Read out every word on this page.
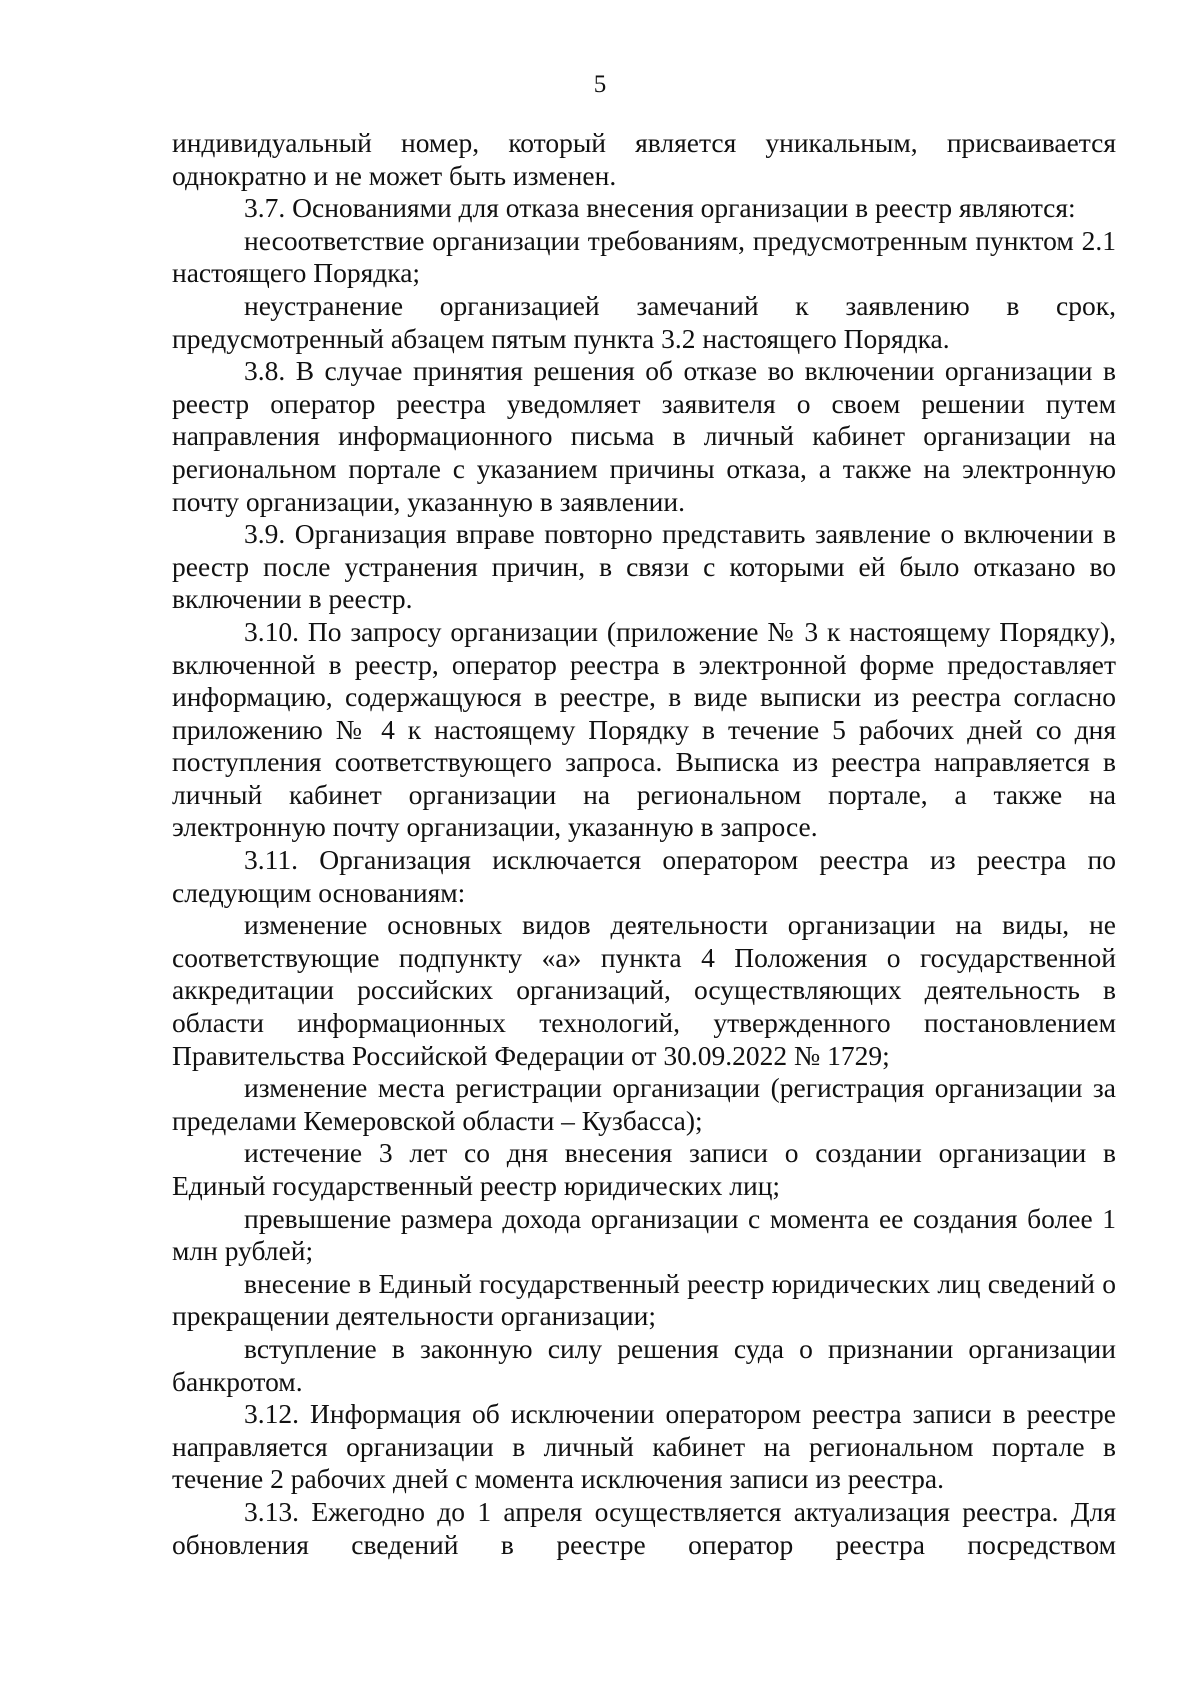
5

индивидуальный номер, который является уникальным, присваивается однократно и не может быть изменен.

3.7. Основаниями для отказа внесения организации в реестр являются:

несоответствие организации требованиям, предусмотренным пунктом 2.1 настоящего Порядка;

неустранение организацией замечаний к заявлению в срок, предусмотренный абзацем пятым пункта 3.2 настоящего Порядка.

3.8. В случае принятия решения об отказе во включении организации в реестр оператор реестра уведомляет заявителя о своем решении путем направления информационного письма в личный кабинет организации на региональном портале с указанием причины отказа, а также на электронную почту организации, указанную в заявлении.

3.9. Организация вправе повторно представить заявление о включении в реестр после устранения причин, в связи с которыми ей было отказано во включении в реестр.

3.10. По запросу организации (приложение № 3 к настоящему Порядку), включенной в реестр, оператор реестра в электронной форме предоставляет информацию, содержащуюся в реестре, в виде выписки из реестра согласно приложению № 4 к настоящему Порядку в течение 5 рабочих дней со дня поступления соответствующего запроса. Выписка из реестра направляется в личный кабинет организации на региональном портале, а также на электронную почту организации, указанную в запросе.

3.11. Организация исключается оператором реестра из реестра по следующим основаниям:

изменение основных видов деятельности организации на виды, не соответствующие подпункту «а» пункта 4 Положения о государственной аккредитации российских организаций, осуществляющих деятельность в области информационных технологий, утвержденного постановлением Правительства Российской Федерации от 30.09.2022 № 1729;

изменение места регистрации организации (регистрация организации за пределами Кемеровской области – Кузбасса);

истечение 3 лет со дня внесения записи о создании организации в Единый государственный реестр юридических лиц;

превышение размера дохода организации с момента ее создания более 1 млн рублей;

внесение в Единый государственный реестр юридических лиц сведений о прекращении деятельности организации;

вступление в законную силу решения суда о признании организации банкротом.

3.12. Информация об исключении оператором реестра записи в реестре направляется организации в личный кабинет на региональном портале в течение 2 рабочих дней с момента исключения записи из реестра.

3.13. Ежегодно до 1 апреля осуществляется актуализация реестра. Для обновления сведений в реестре оператор реестра посредством
